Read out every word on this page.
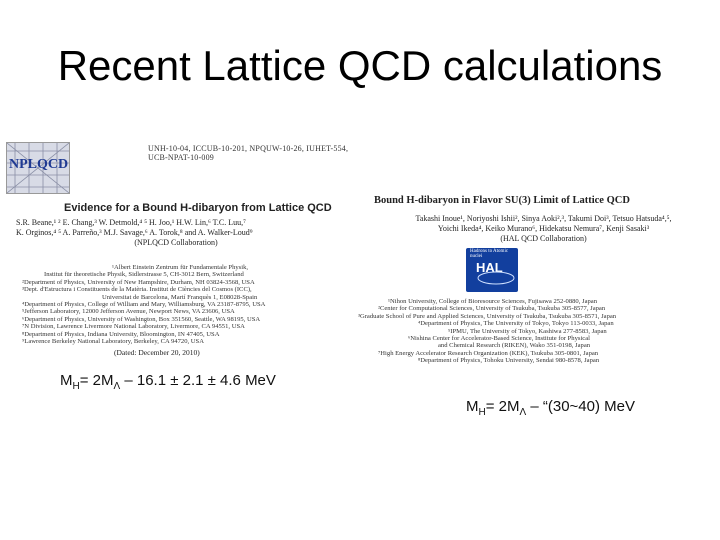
Recent Lattice QCD calculations
NPLQCD
UNH-10-04, ICCUB-10-201, NPQUW-10-26, IUHET-554, UCB-NPAT-10-009
Evidence for a Bound H-dibaryon from Lattice QCD
S.R. Beane,¹ ² E. Chang,³ W. Detmold,⁴ ⁵ H. Joo,¹ H.W. Lin,⁶ T.C. Luu,⁷
K. Orginos,⁴ ⁵ A. Parreño,³ M.J. Savage,⁶ A. Torok,⁸ and A. Walker-Loud⁹
(NPLQCD Collaboration)
¹Albert Einstein Zentrum für Fundamentale Physik,
Institut für theoretische Physik, Sidlerstrasse 5, CH-3012 Bern, Switzerland
²Department of Physics, University of New Hampshire, Durham, NH 03824-3568, USA
³Dept. d'Estructura i Constituents de la Matèria. Institut de Ciències del Cosmos (ICC),
Universitat de Barcelona, Martí Franquès 1, E08028-Spain
⁴Department of Physics, College of William and Mary, Williamsburg, VA 23187-8795, USA
⁵Jefferson Laboratory, 12000 Jefferson Avenue, Newport News, VA 23606, USA
⁶Department of Physics, University of Washington, Box 351560, Seattle, WA 98195, USA
⁷N Division, Lawrence Livermore National Laboratory, Livermore, CA 94551, USA
⁸Department of Physics, Indiana University, Bloomington, IN 47405, USA
⁹Lawrence Berkeley National Laboratory, Berkeley, CA 94720, USA
(Dated: December 20, 2010)
Bound H-dibaryon in Flavor SU(3) Limit of Lattice QCD
Takashi Inoue¹, Noriyoshi Ishii², Sinya Aoki²,³, Takumi Doi³, Tetsuo Hatsuda⁴,⁵,
Yoichi Ikeda⁴, Keiko Murano⁶, Hidekatsu Nemura⁷, Kenji Sasaki³
(HAL QCD Collaboration)
Hadrons to Atomic nuclei
HAL
¹Nihon University, College of Bioresource Sciences, Fujisawa 252-0880, Japan
²Center for Computational Sciences, University of Tsukuba, Tsukuba 305-8577, Japan
³Graduate School of Pure and Applied Sciences, University of Tsukuba, Tsukuba 305-8571, Japan
⁴Department of Physics, The University of Tokyo, Tokyo 113-0033, Japan
⁵IPMU, The University of Tokyo, Kashiwa 277-8583, Japan
⁶Nishina Center for Accelerator-Based Science, Institute for Physical
and Chemical Research (RIKEN), Wako 351-0198, Japan
⁷High Energy Accelerator Research Organization (KEK), Tsukuba 305-0801, Japan
⁸Department of Physics, Tohoku University, Sendai 980-8578, Japan
$M_H= 2M_\Lambda - 16.1 \pm 2.1 \pm 4.6$ MeV
$M_H= 2M_\Lambda$ – “(30~40) MeV
